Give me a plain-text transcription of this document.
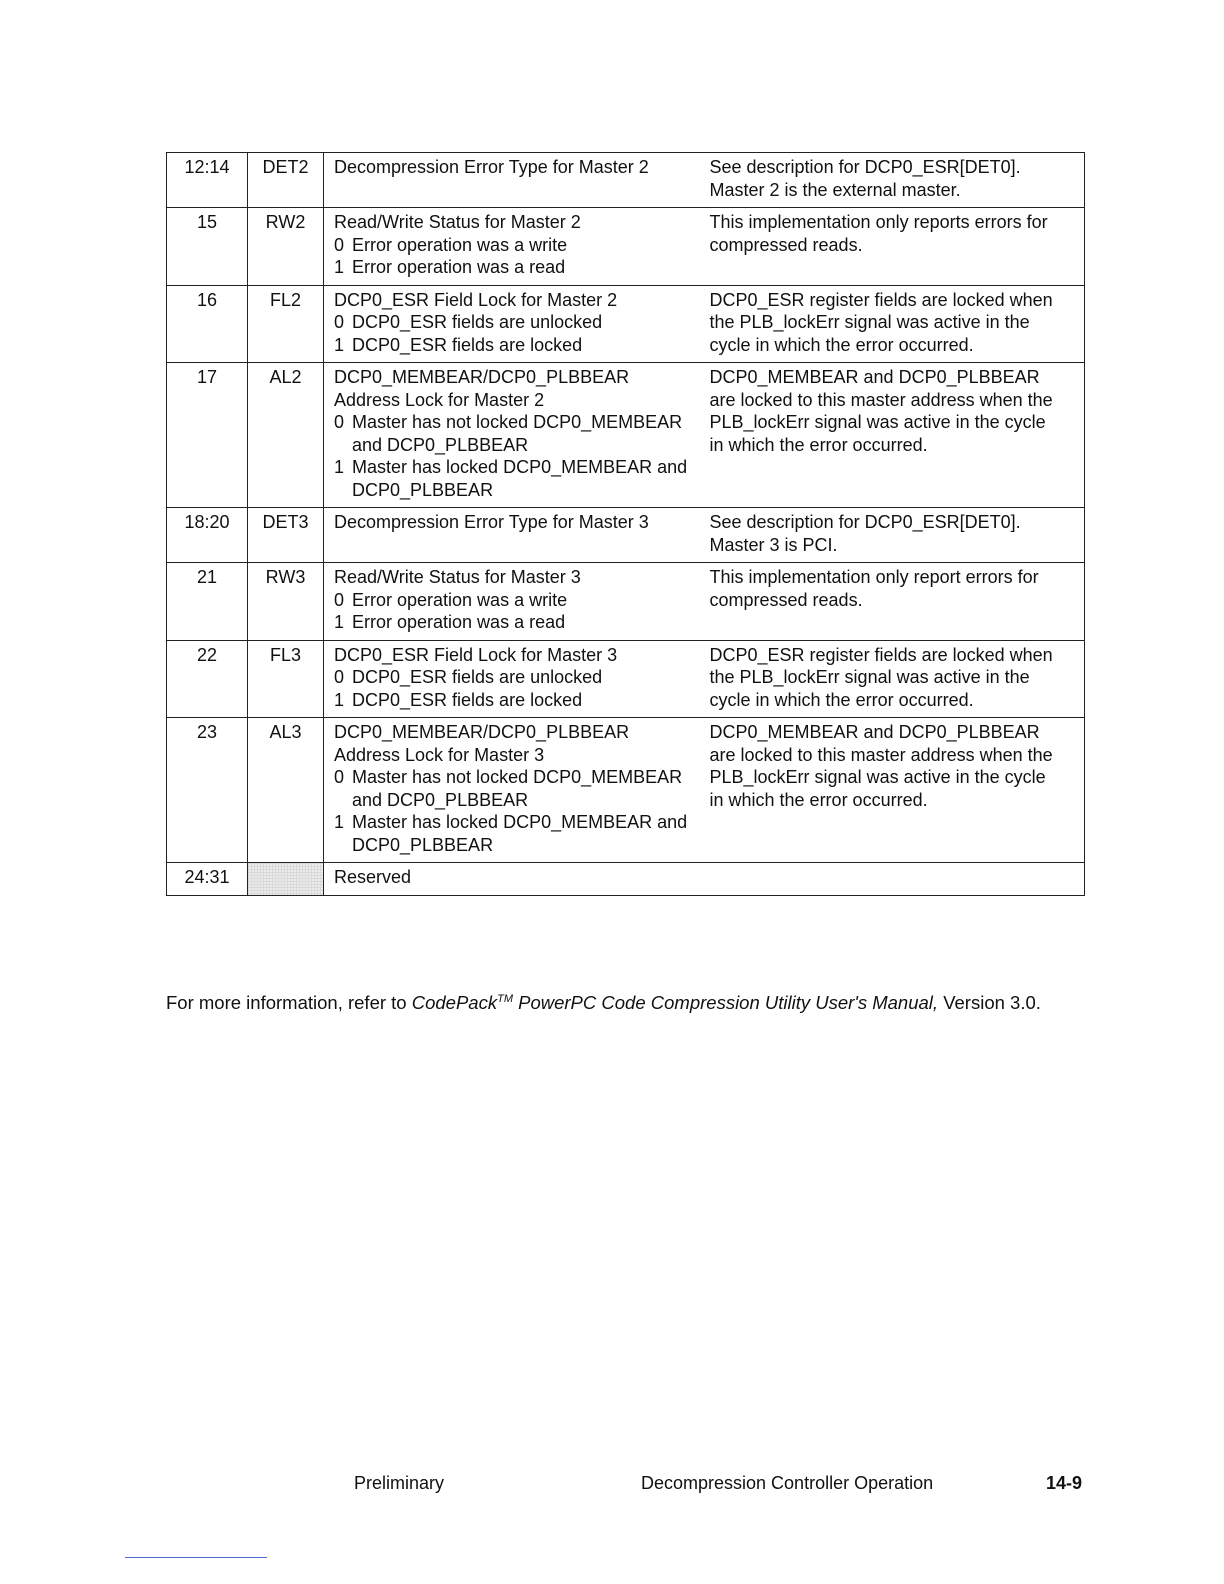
12:14	DET2	Decompression Error Type for Master 2	See description for DCP0_ESR[DET0].
Master 2 is the external master.

15	RW2	Read/Write Status for Master 2
0 Error operation was a write
1 Error operation was a read	This implementation only reports errors for
compressed reads.

16	FL2	DCP0_ESR Field Lock for Master 2
0 DCP0_ESR fields are unlocked
1 DCP0_ESR fields are locked	DCP0_ESR register fields are locked when
the PLB_lockErr signal was active in the
cycle in which the error occurred.

17	AL2	DCP0_MEMBEAR/DCP0_PLBBEAR
Address Lock for Master 2
0 Master has not locked DCP0_MEMBEAR and DCP0_PLBBEAR
1 Master has locked DCP0_MEMBEAR and DCP0_PLBBEAR	DCP0_MEMBEAR and DCP0_PLBBEAR
are locked to this master address when the
PLB_lockErr signal was active in the cycle
in which the error occurred.

18:20	DET3	Decompression Error Type for Master 3	See description for DCP0_ESR[DET0].
Master 3 is PCI.

21	RW3	Read/Write Status for Master 3
0 Error operation was a write
1 Error operation was a read	This implementation only report errors for
compressed reads.

22	FL3	DCP0_ESR Field Lock for Master 3
0 DCP0_ESR fields are unlocked
1 DCP0_ESR fields are locked	DCP0_ESR register fields are locked when
the PLB_lockErr signal was active in the
cycle in which the error occurred.

23	AL3	DCP0_MEMBEAR/DCP0_PLBBEAR
Address Lock for Master 3
0 Master has not locked DCP0_MEMBEAR and DCP0_PLBBEAR
1 Master has locked DCP0_MEMBEAR and DCP0_PLBBEAR	DCP0_MEMBEAR and DCP0_PLBBEAR
are locked to this master address when the
PLB_lockErr signal was active in the cycle
in which the error occurred.

24:31		Reserved	

For more information, refer to CodePack™ PowerPC Code Compression Utility User's Manual, Version 3.0.
Preliminary	Decompression Controller Operation	14-9
